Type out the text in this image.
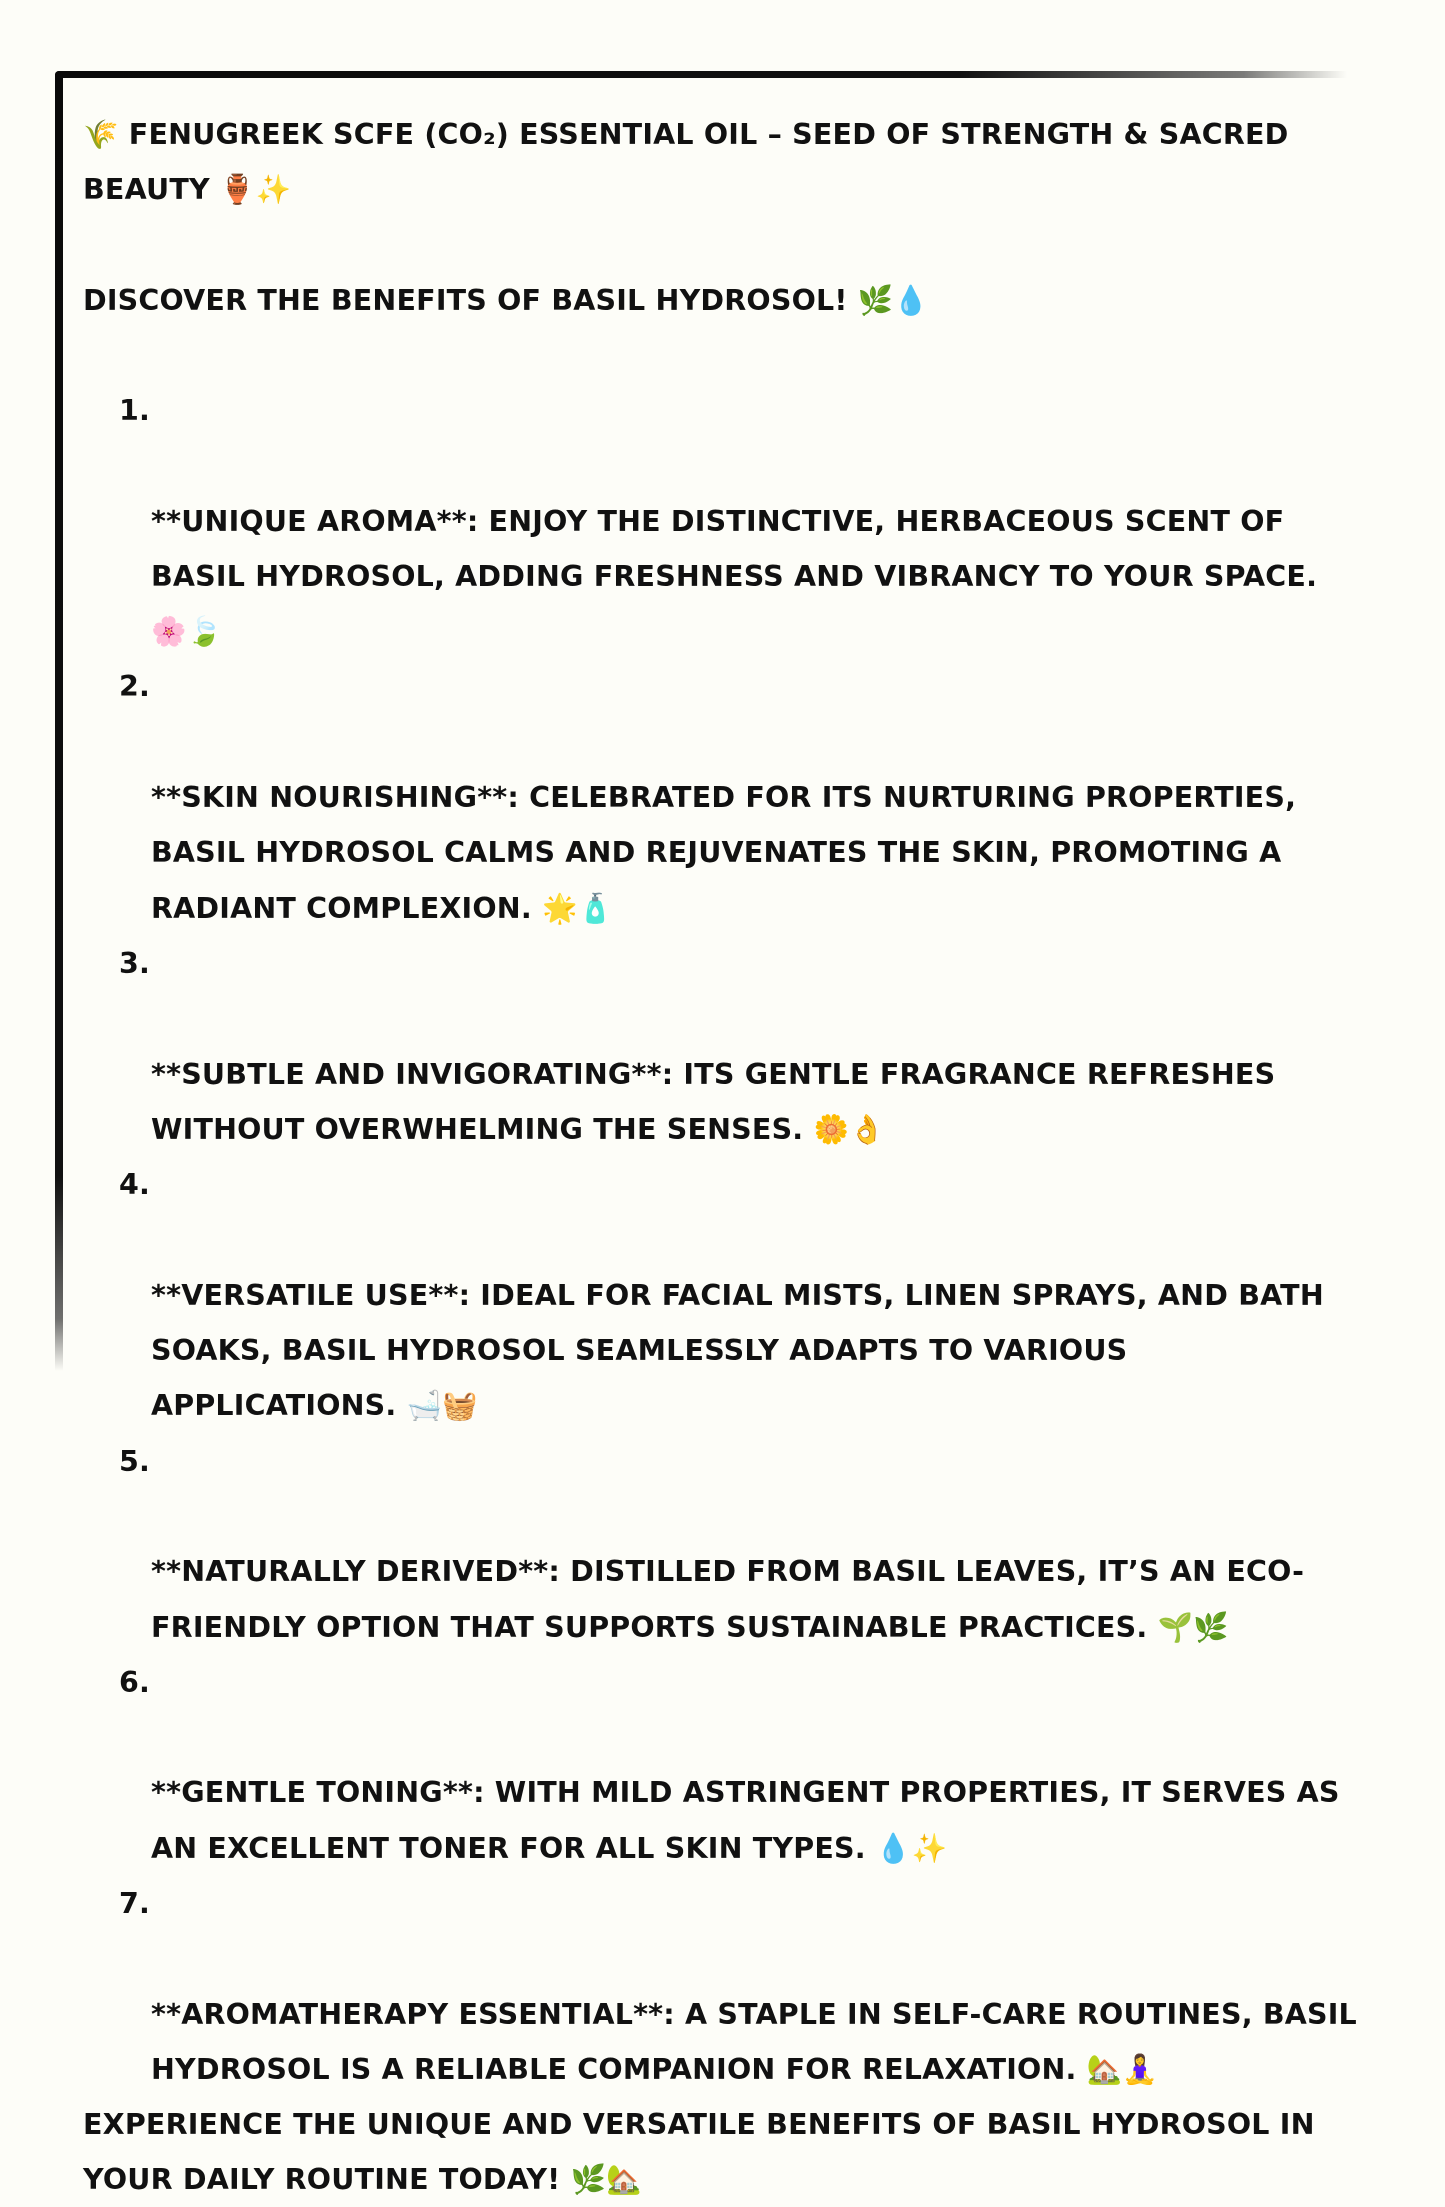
🌾 FENUGREEK SCFE (CO₂) ESSENTIAL OIL – SEED OF STRENGTH & SACRED BEAUTY 🏺✨

DISCOVER THE BENEFITS OF BASIL HYDROSOL! 🌿💧

1.

**UNIQUE AROMA**: ENJOY THE DISTINCTIVE, HERBACEOUS SCENT OF BASIL HYDROSOL, ADDING FRESHNESS AND VIBRANCY TO YOUR SPACE. 🌸🍃

2.

**SKIN NOURISHING**: CELEBRATED FOR ITS NURTURING PROPERTIES, BASIL HYDROSOL CALMS AND REJUVENATES THE SKIN, PROMOTING A RADIANT COMPLEXION. 🌟🧴

3.

**SUBTLE AND INVIGORATING**: ITS GENTLE FRAGRANCE REFRESHES WITHOUT OVERWHELMING THE SENSES. 🌼👌

4.

**VERSATILE USE**: IDEAL FOR FACIAL MISTS, LINEN SPRAYS, AND BATH SOAKS, BASIL HYDROSOL SEAMLESSLY ADAPTS TO VARIOUS APPLICATIONS. 🛁🧺

5.

**NATURALLY DERIVED**: DISTILLED FROM BASIL LEAVES, IT’S AN ECO-FRIENDLY OPTION THAT SUPPORTS SUSTAINABLE PRACTICES. 🌱🌿

6.

**GENTLE TONING**: WITH MILD ASTRINGENT PROPERTIES, IT SERVES AS AN EXCELLENT TONER FOR ALL SKIN TYPES. 💧✨

7.

**AROMATHERAPY ESSENTIAL**: A STAPLE IN SELF-CARE ROUTINES, BASIL HYDROSOL IS A RELIABLE COMPANION FOR RELAXATION. 🏡🧘‍♀️

EXPERIENCE THE UNIQUE AND VERSATILE BENEFITS OF BASIL HYDROSOL IN YOUR DAILY ROUTINE TODAY! 🌿🏡
